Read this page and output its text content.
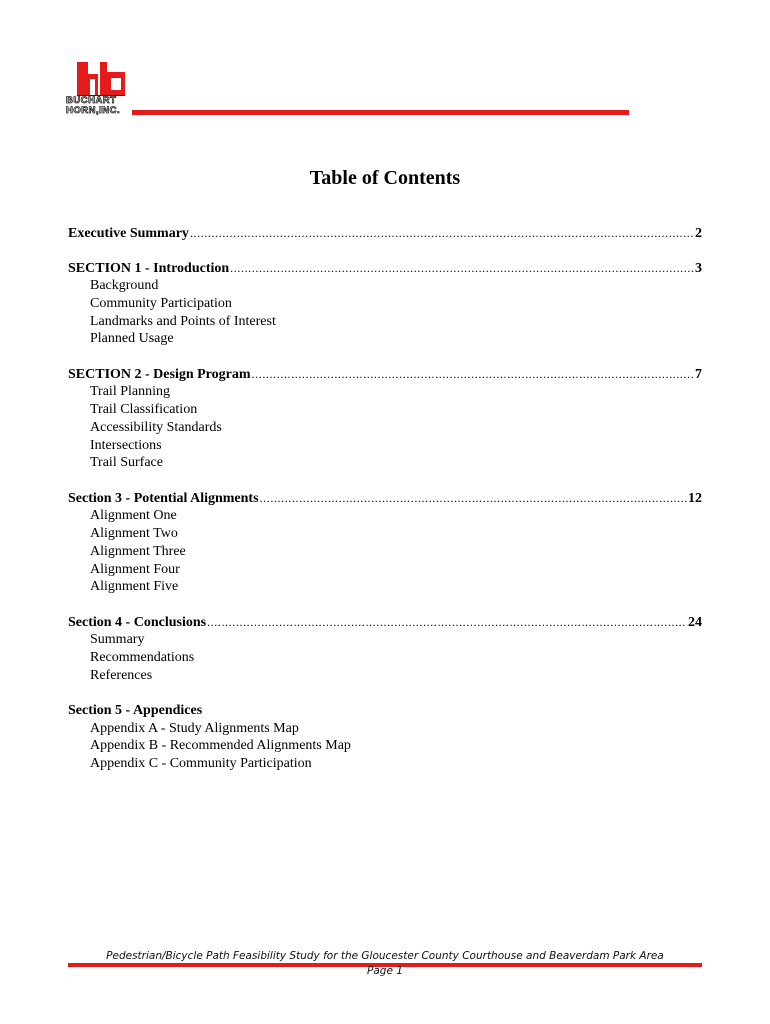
BUCHART
HORN,INC.
Table of Contents
Executive Summary .....	2
SECTION 1 - Introduction .....	3
Background
Community Participation
Landmarks and Points of Interest
Planned Usage
SECTION 2 - Design Program .....	7
Trail Planning
Trail Classification
Accessibility Standards
Intersections
Trail Surface
Section 3 - Potential Alignments .....	12
Alignment One
Alignment Two
Alignment Three
Alignment Four
Alignment Five
Section 4 - Conclusions .....	24
Summary
Recommendations
References
Section 5 - Appendices
Appendix A - Study Alignments Map
Appendix B - Recommended Alignments Map
Appendix C - Community Participation
Pedestrian/Bicycle Path Feasibility Study for the Gloucester County Courthouse and Beaverdam Park Area
Page 1
